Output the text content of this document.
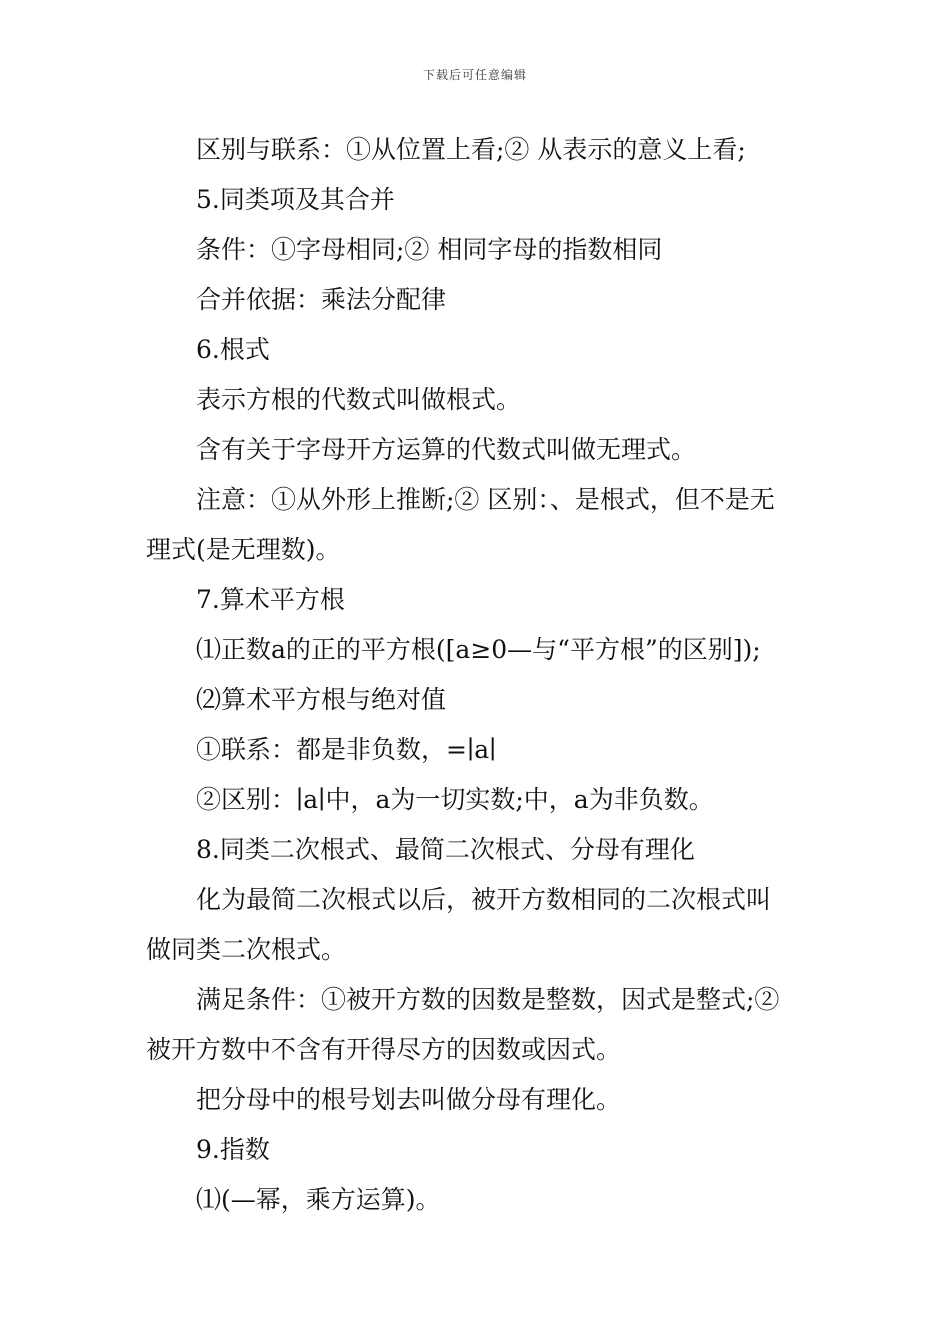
下载后可任意编辑
区别与联系：①从位置上看;② 从表示的意义上看;
5.同类项及其合并
条件：①字母相同;② 相同字母的指数相同
合并依据：乘法分配律
6.根式
表示方根的代数式叫做根式。
含有关于字母开方运算的代数式叫做无理式。
注意：①从外形上推断;② 区别：、是根式，但不是无
理式(是无理数)。
7.算术平方根
⑴正数a的正的平方根([a≥0—与“平方根”的区别]);
⑵算术平方根与绝对值
①联系：都是非负数，=∣a∣
②区别：∣a∣中，a为一切实数;中，a为非负数。
8.同类二次根式、最简二次根式、分母有理化
化为最简二次根式以后，被开方数相同的二次根式叫
做同类二次根式。
满足条件：①被开方数的因数是整数，因式是整式;②
被开方数中不含有开得尽方的因数或因式。
把分母中的根号划去叫做分母有理化。
9.指数
⑴(—幂，乘方运算)。
